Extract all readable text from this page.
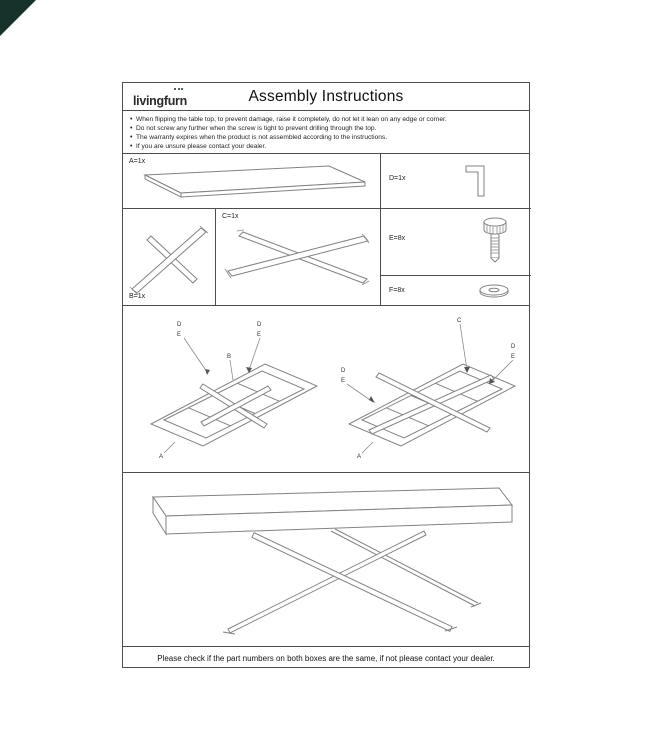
livingfurn	Assembly Instructions
• When flipping the table top, to prevent damage, raise it completely, do not let it lean on any edge or corner.
• Do not screw any further when the screw is tight to prevent drilling through the top.
• The warranty expires when the product is not assembled according to the instructions.
• If you are unsure please contact your dealer.
A=1x
B=1x
C=1x
D=1x
E=8x
F=8x
D
E
D
E
B
A
C
D
E
D
E
A
Please check if the part numbers on both boxes are the same, if not please contact your dealer.
